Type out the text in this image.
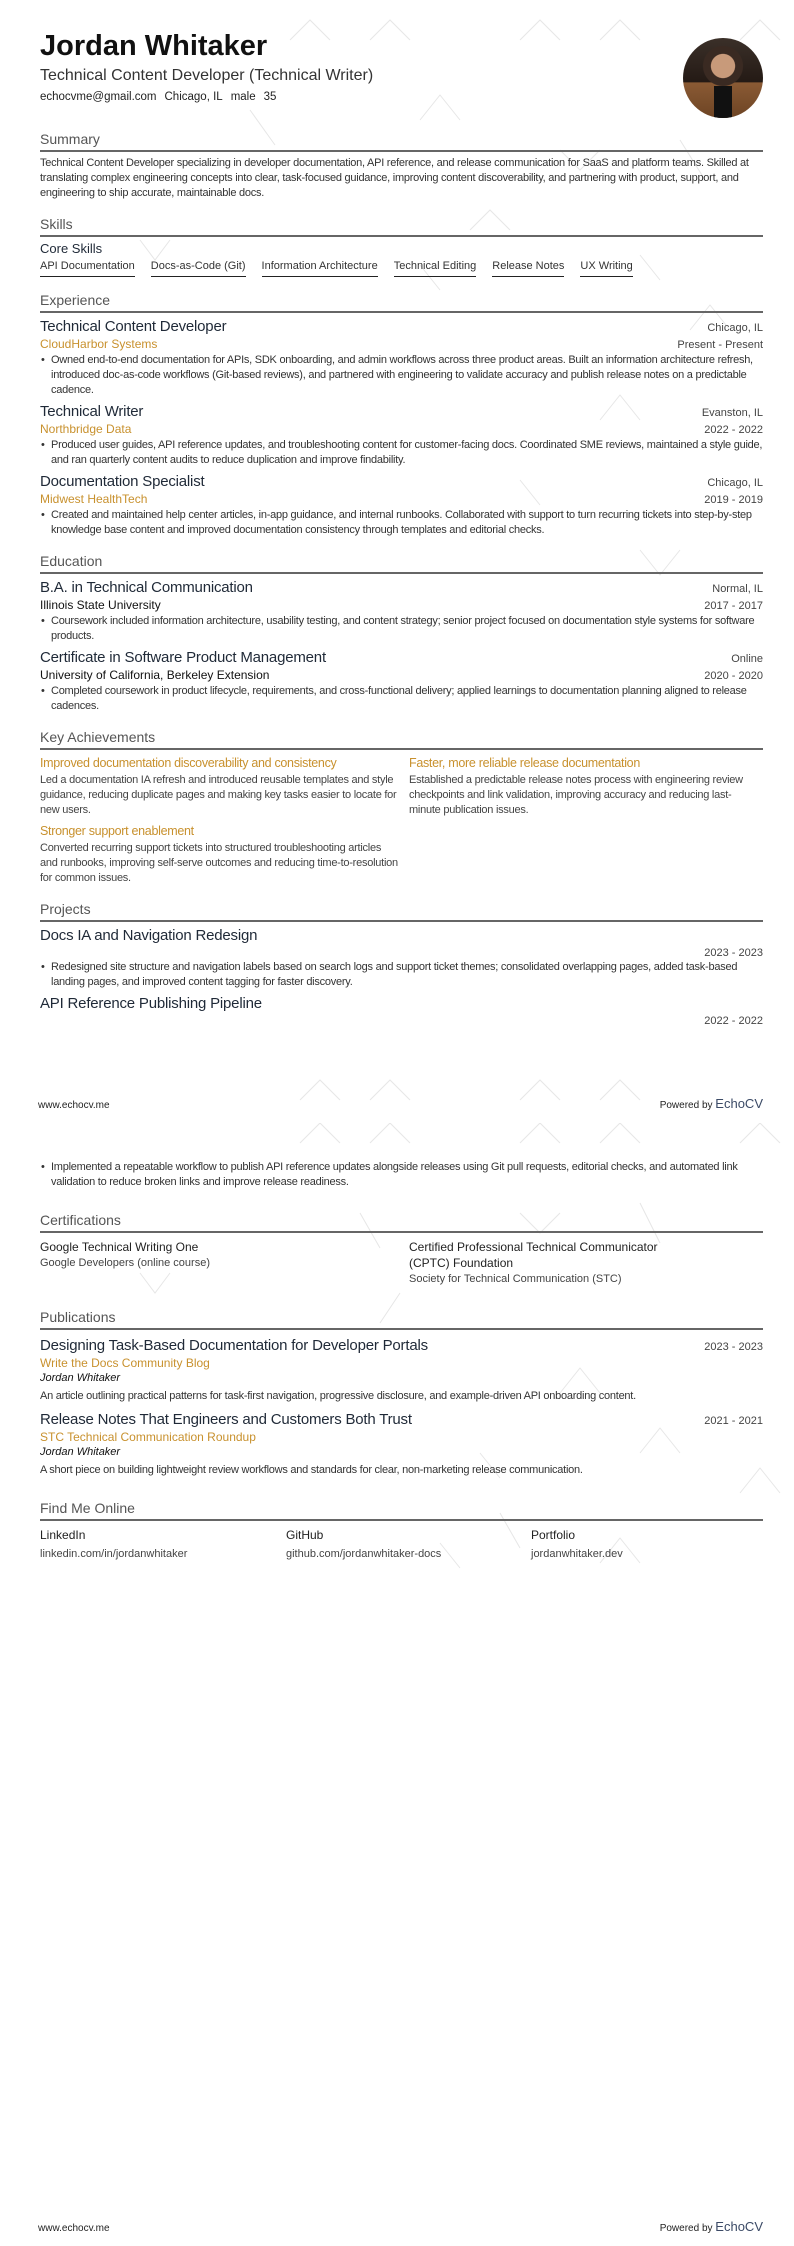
Jordan Whitaker
Technical Content Developer (Technical Writer)
echocvme@gmail.com Chicago, IL male 35
Summary
Technical Content Developer specializing in developer documentation, API reference, and release communication for SaaS and platform teams. Skilled at translating complex engineering concepts into clear, task-focused guidance, improving content discoverability, and partnering with product, support, and engineering to ship accurate, maintainable docs.
Skills
Core Skills
API Documentation Docs-as-Code (Git) Information Architecture Technical Editing Release Notes UX Writing
Experience
Technical Content Developer	Chicago, IL
CloudHarbor Systems	Present - Present
• Owned end-to-end documentation for APIs, SDK onboarding, and admin workflows across three product areas. Built an information architecture refresh, introduced doc-as-code workflows (Git-based reviews), and partnered with engineering to validate accuracy and publish release notes on a predictable cadence.
Technical Writer	Evanston, IL
Northbridge Data	2022 - 2022
• Produced user guides, API reference updates, and troubleshooting content for customer-facing docs. Coordinated SME reviews, maintained a style guide, and ran quarterly content audits to reduce duplication and improve findability.
Documentation Specialist	Chicago, IL
Midwest HealthTech	2019 - 2019
• Created and maintained help center articles, in-app guidance, and internal runbooks. Collaborated with support to turn recurring tickets into step-by-step knowledge base content and improved documentation consistency through templates and editorial checks.
Education
B.A. in Technical Communication	Normal, IL
Illinois State University	2017 - 2017
• Coursework included information architecture, usability testing, and content strategy; senior project focused on documentation style systems for software products.
Certificate in Software Product Management	Online
University of California, Berkeley Extension	2020 - 2020
• Completed coursework in product lifecycle, requirements, and cross-functional delivery; applied learnings to documentation planning aligned to release cadences.
Key Achievements
Improved documentation discoverability and consistency
Led a documentation IA refresh and introduced reusable templates and style guidance, reducing duplicate pages and making key tasks easier to locate for new users.
Faster, more reliable release documentation
Established a predictable release notes process with engineering review checkpoints and link validation, improving accuracy and reducing last-minute publication issues.
Stronger support enablement
Converted recurring support tickets into structured troubleshooting articles and runbooks, improving self-serve outcomes and reducing time-to-resolution for common issues.
Projects
Docs IA and Navigation Redesign
2023 - 2023
• Redesigned site structure and navigation labels based on search logs and support ticket themes; consolidated overlapping pages, added task-based landing pages, and improved content tagging for faster discovery.
API Reference Publishing Pipeline
2022 - 2022
www.echocv.me	Powered by EchoCV
• Implemented a repeatable workflow to publish API reference updates alongside releases using Git pull requests, editorial checks, and automated link validation to reduce broken links and improve release readiness.
Certifications
Google Technical Writing One
Google Developers (online course)
Certified Professional Technical Communicator (CPTC) Foundation
Society for Technical Communication (STC)
Publications
Designing Task-Based Documentation for Developer Portals	2023 - 2023
Write the Docs Community Blog
Jordan Whitaker
An article outlining practical patterns for task-first navigation, progressive disclosure, and example-driven API onboarding content.
Release Notes That Engineers and Customers Both Trust	2021 - 2021
STC Technical Communication Roundup
Jordan Whitaker
A short piece on building lightweight review workflows and standards for clear, non-marketing release communication.
Find Me Online
LinkedIn
linkedin.com/in/jordanwhitaker
GitHub
github.com/jordanwhitaker-docs
Portfolio
jordanwhitaker.dev
www.echocv.me	Powered by EchoCV
